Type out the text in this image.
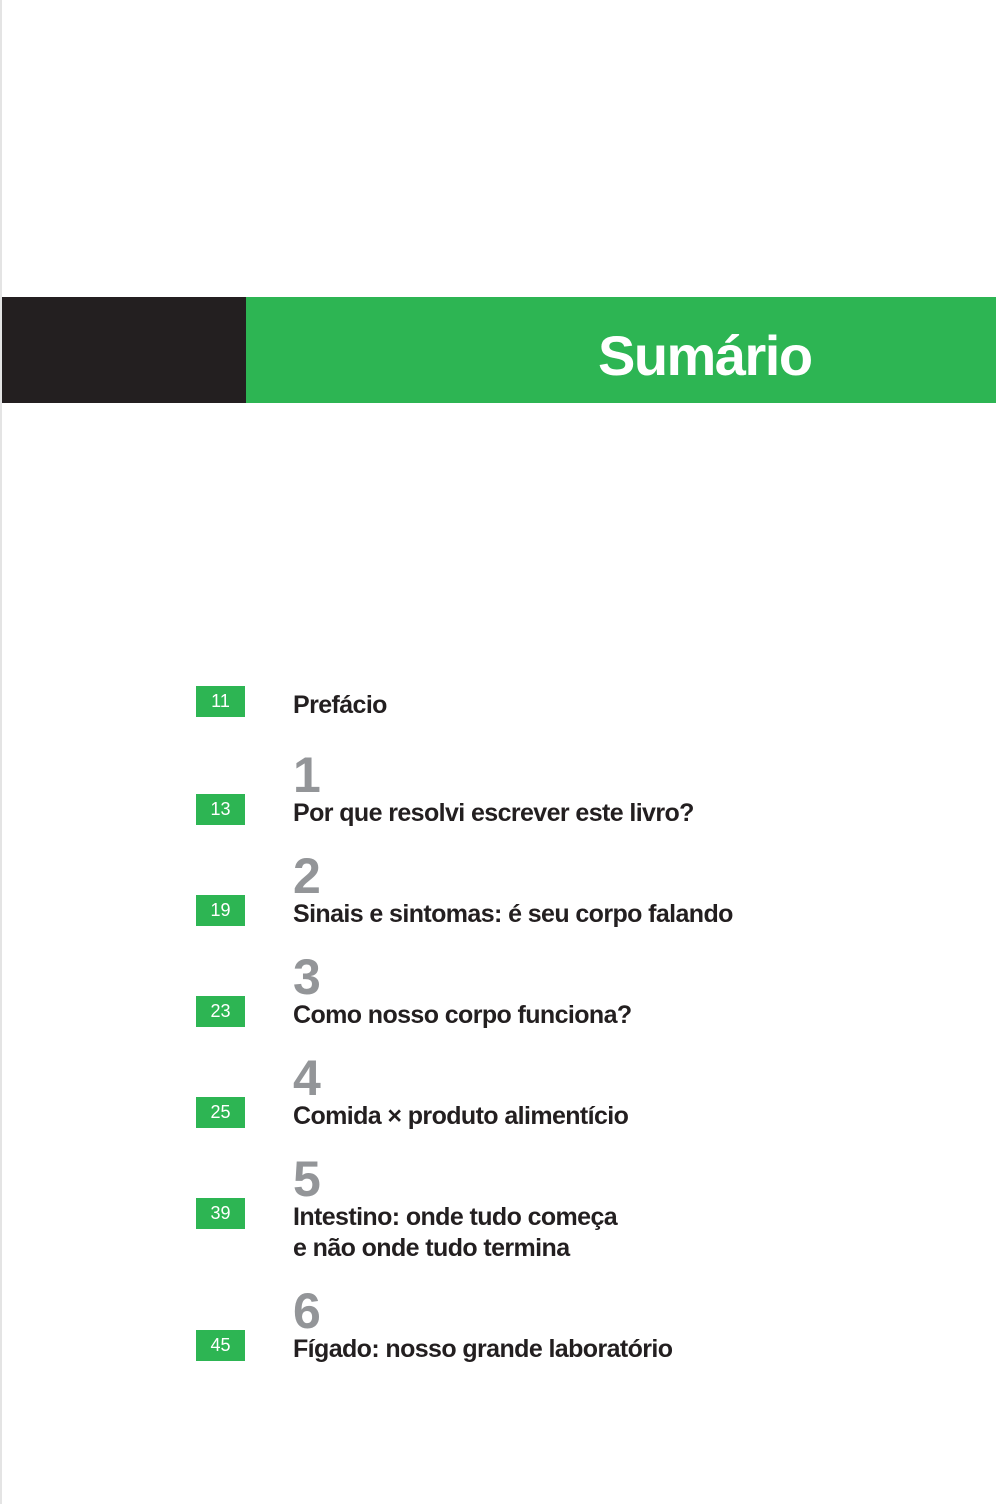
Sumário
11	Prefácio
1
13	Por que resolvi escrever este livro?
2
19	Sinais e sintomas: é seu corpo falando
3
23	Como nosso corpo funciona?
4
25	Comida × produto alimentício
5
39	Intestino: onde tudo começa
e não onde tudo termina
6
45	Fígado: nosso grande laboratório
